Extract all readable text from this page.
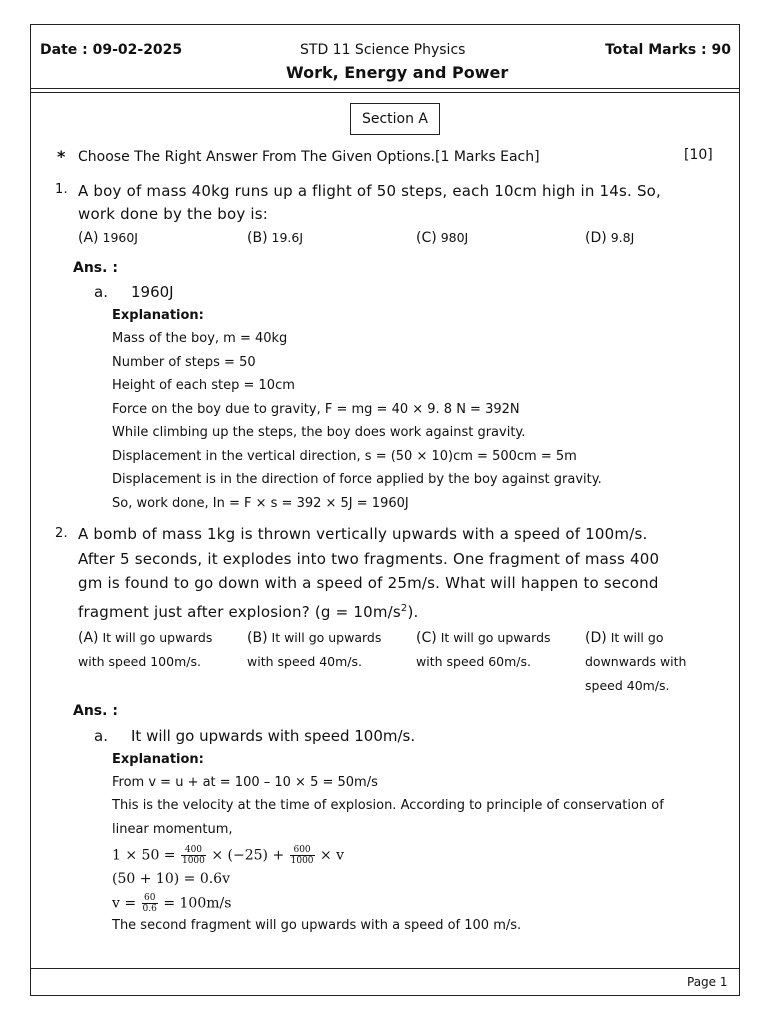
Date : 09-02-2025	STD 11 Science Physics	Total Marks : 90
Work, Energy and Power
Section A
* Choose The Right Answer From The Given Options.[1 Marks Each]	[10]
1. A boy of mass 40kg runs up a flight of 50 steps, each 10cm high in 14s. So,
work done by the boy is:
(A) 1960J	(B) 19.6J	(C) 980J	(D) 9.8J
Ans. :
a. 1960J
Explanation:
Mass of the boy, m = 40kg
Number of steps = 50
Height of each step = 10cm
Force on the boy due to gravity, F = mg = 40 × 9. 8 N = 392N
While climbing up the steps, the boy does work against gravity.
Displacement in the vertical direction, s = (50 × 10)cm = 500cm = 5m
Displacement is in the direction of force applied by the boy against gravity.
So, work done, In = F × s = 392 × 5J = 1960J
2. A bomb of mass 1kg is thrown vertically upwards with a speed of 100m/s.
After 5 seconds, it explodes into two fragments. One fragment of mass 400
gm is found to go down with a speed of 25m/s. What will happen to second
fragment just after explosion? $(g = 10m/s^2)$.
(A) It will go upwards
with speed 100m/s.
(B) It will go upwards
with speed 40m/s.
(C) It will go upwards
with speed 60m/s.
(D) It will go
downwards with
speed 40m/s.
Ans. :
a. It will go upwards with speed 100m/s.
Explanation:
From v = u + at = 100 – 10 × 5 = 50m/s
This is the velocity at the time of explosion. According to principle of conservation of
linear momentum,
$1 \times 50 = \frac{400}{1000} \times (-25) + \frac{600}{1000} \times v$
(50 + 10) = 0.6v
$v = \frac{60}{0.6} = 100m/s$
The second fragment will go upwards with a speed of 100 m/s.
Page 1
